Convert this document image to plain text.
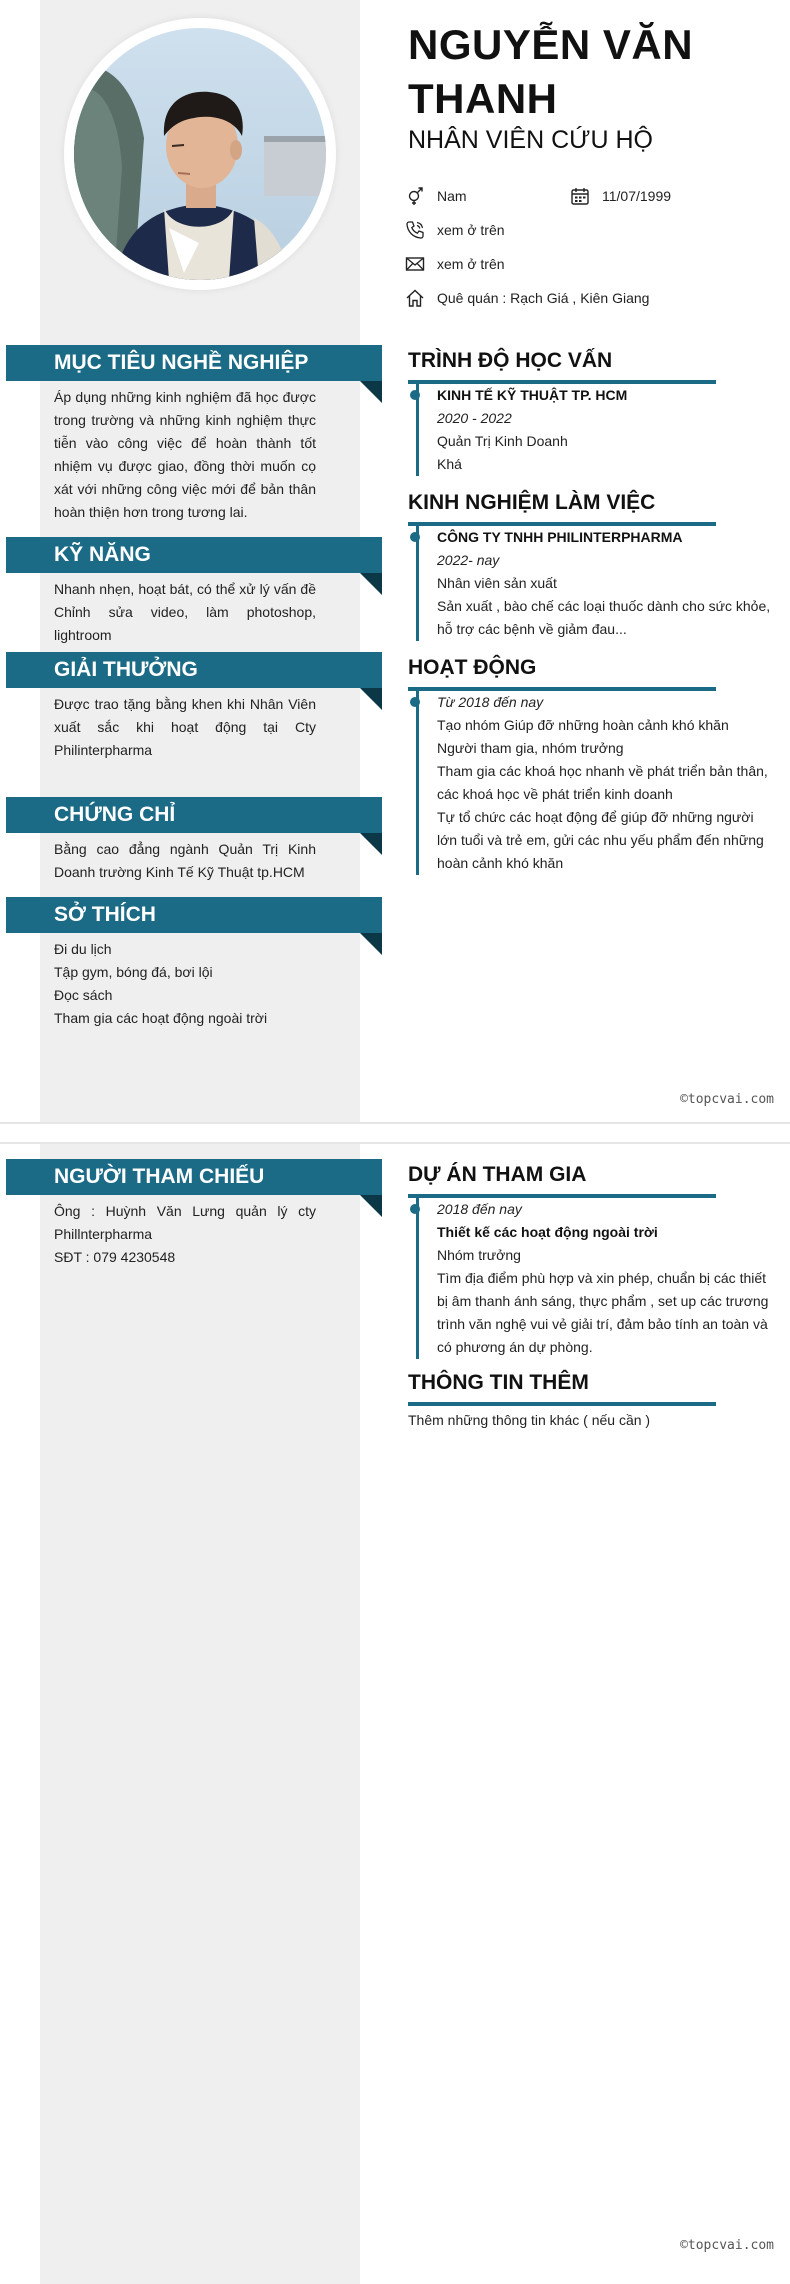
NGUYỄN VĂN THANH
NHÂN VIÊN CỨU HỘ
Nam	11/07/1999
xem ở trên
xem ở trên
Quê quán : Rạch Giá , Kiên Giang
MỤC TIÊU NGHỀ NGHIỆP
Áp dụng những kinh nghiệm đã học được trong trường và những kinh nghiệm thực tiễn vào công việc để hoàn thành tốt nhiệm vụ được giao, đồng thời muốn cọ xát với những công việc mới để bản thân hoàn thiện hơn trong tương lai.
KỸ NĂNG
Nhanh nhẹn, hoạt bát, có thể xử lý vấn đề Chỉnh sửa video, làm photoshop, lightroom
GIẢI THƯỞNG
Được trao tặng bằng khen khi Nhân Viên xuất sắc khi hoạt động tại Cty Philinterpharma
CHỨNG CHỈ
Bằng cao đẳng ngành Quản Trị Kinh Doanh trường Kinh Tế Kỹ Thuật tp.HCM
SỞ THÍCH

Đi du lịch

Tập gym, bóng đá, bơi lội

Đọc sách

Tham gia các hoạt động ngoài trời

TRÌNH ĐỘ HỌC VẤN
KINH TẾ KỸ THUẬT TP. HCM
2020 - 2022
Quản Trị Kinh Doanh
Khá
KINH NGHIỆM LÀM VIỆC
CÔNG TY TNHH PHILINTERPHARMA
2022- nay
Nhân viên sản xuất
Sản xuất , bào chế các loại thuốc dành cho sức khỏe, hỗ trợ các bệnh về giảm đau...
HOẠT ĐỘNG
Từ 2018 đến nay
Tạo nhóm Giúp đỡ những hoàn cảnh khó khăn
Người tham gia, nhóm trưởng
Tham gia các khoá học nhanh về phát triển bản thân, các khoá học về phát triển kinh doanh
Tự tổ chức các hoạt động để giúp đỡ những người lớn tuổi và trẻ em, gửi các nhu yếu phẩm đến những hoàn cảnh khó khăn
©topcvai.com
NGƯỜI THAM CHIẾU

Ông : Huỳnh Văn Lưng quản lý cty Phillnterpharma

SĐT : 079 4230548

DỰ ÁN THAM GIA
2018 đến nay
Thiết kế các hoạt động ngoài trời
Nhóm trưởng
Tìm địa điểm phù hợp và xin phép, chuẩn bị các thiết bị âm thanh ánh sáng, thực phẩm , set up các trương trình văn nghệ vui vẻ giải trí, đảm bảo tính an toàn và có phương án dự phòng.
THÔNG TIN THÊM
Thêm những thông tin khác ( nếu cần )
©topcvai.com
